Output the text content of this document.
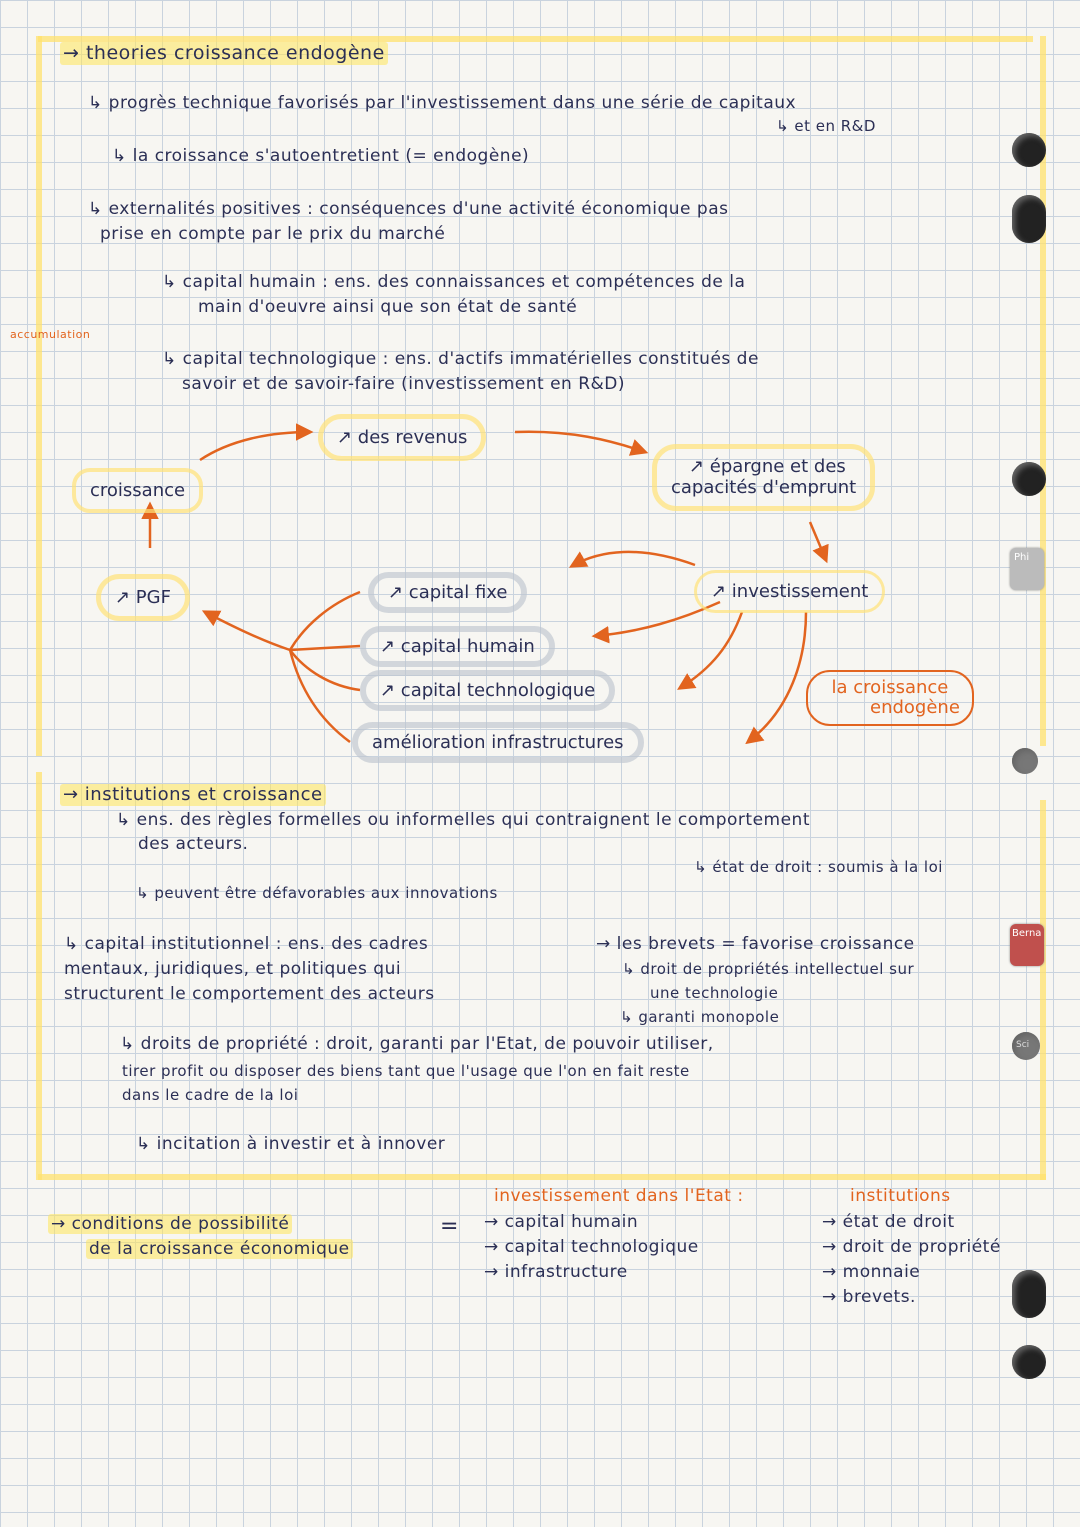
Phi
Berna
Sci
→ theories croissance endogène
↳ progrès technique favorisés par l'investissement dans une série de capitaux
↳ et en R&D
↳ la croissance s'autoentretient (= endogène)
↳ externalités positives : conséquences d'une activité économique pas
prise en compte par le prix du marché
accumulation
↳ capital humain : ens. des connaissances et compétences de la
main d'oeuvre ainsi que son état de santé
↳ capital technologique : ens. d'actifs immatérielles constitués de
savoir et de savoir-faire (investissement en R&D)
↗ des revenus
↗ épargne et des
capacités d'emprunt
croissance
↗ PGF	↗ investissement
↗ capital fixe
↗ capital humain
↗ capital technologique
amélioration infrastructures
la croissance
endogène
→ institutions et croissance
↳ ens. des règles formelles ou informelles qui contraignent le comportement
des acteurs.
↳ état de droit : soumis à la loi
↳ peuvent être défavorables aux innovations
↳ capital institutionnel : ens. des cadres
mentaux, juridiques, et politiques qui
structurent le comportement des acteurs
→ les brevets = favorise croissance
↳ droit de propriétés intellectuel sur
une technologie
↳ garanti monopole
↳ droits de propriété : droit, garanti par l'Etat, de pouvoir utiliser,
tirer profit ou disposer des biens tant que l'usage que l'on en fait reste
dans le cadre de la loi
↳ incitation à investir et à innover
→ conditions de possibilité
de la croissance économique
=
investissement dans l'Etat :
→ capital humain
→ capital technologique
→ infrastructure
institutions
→ état de droit
→ droit de propriété
→ monnaie
→ brevets.
